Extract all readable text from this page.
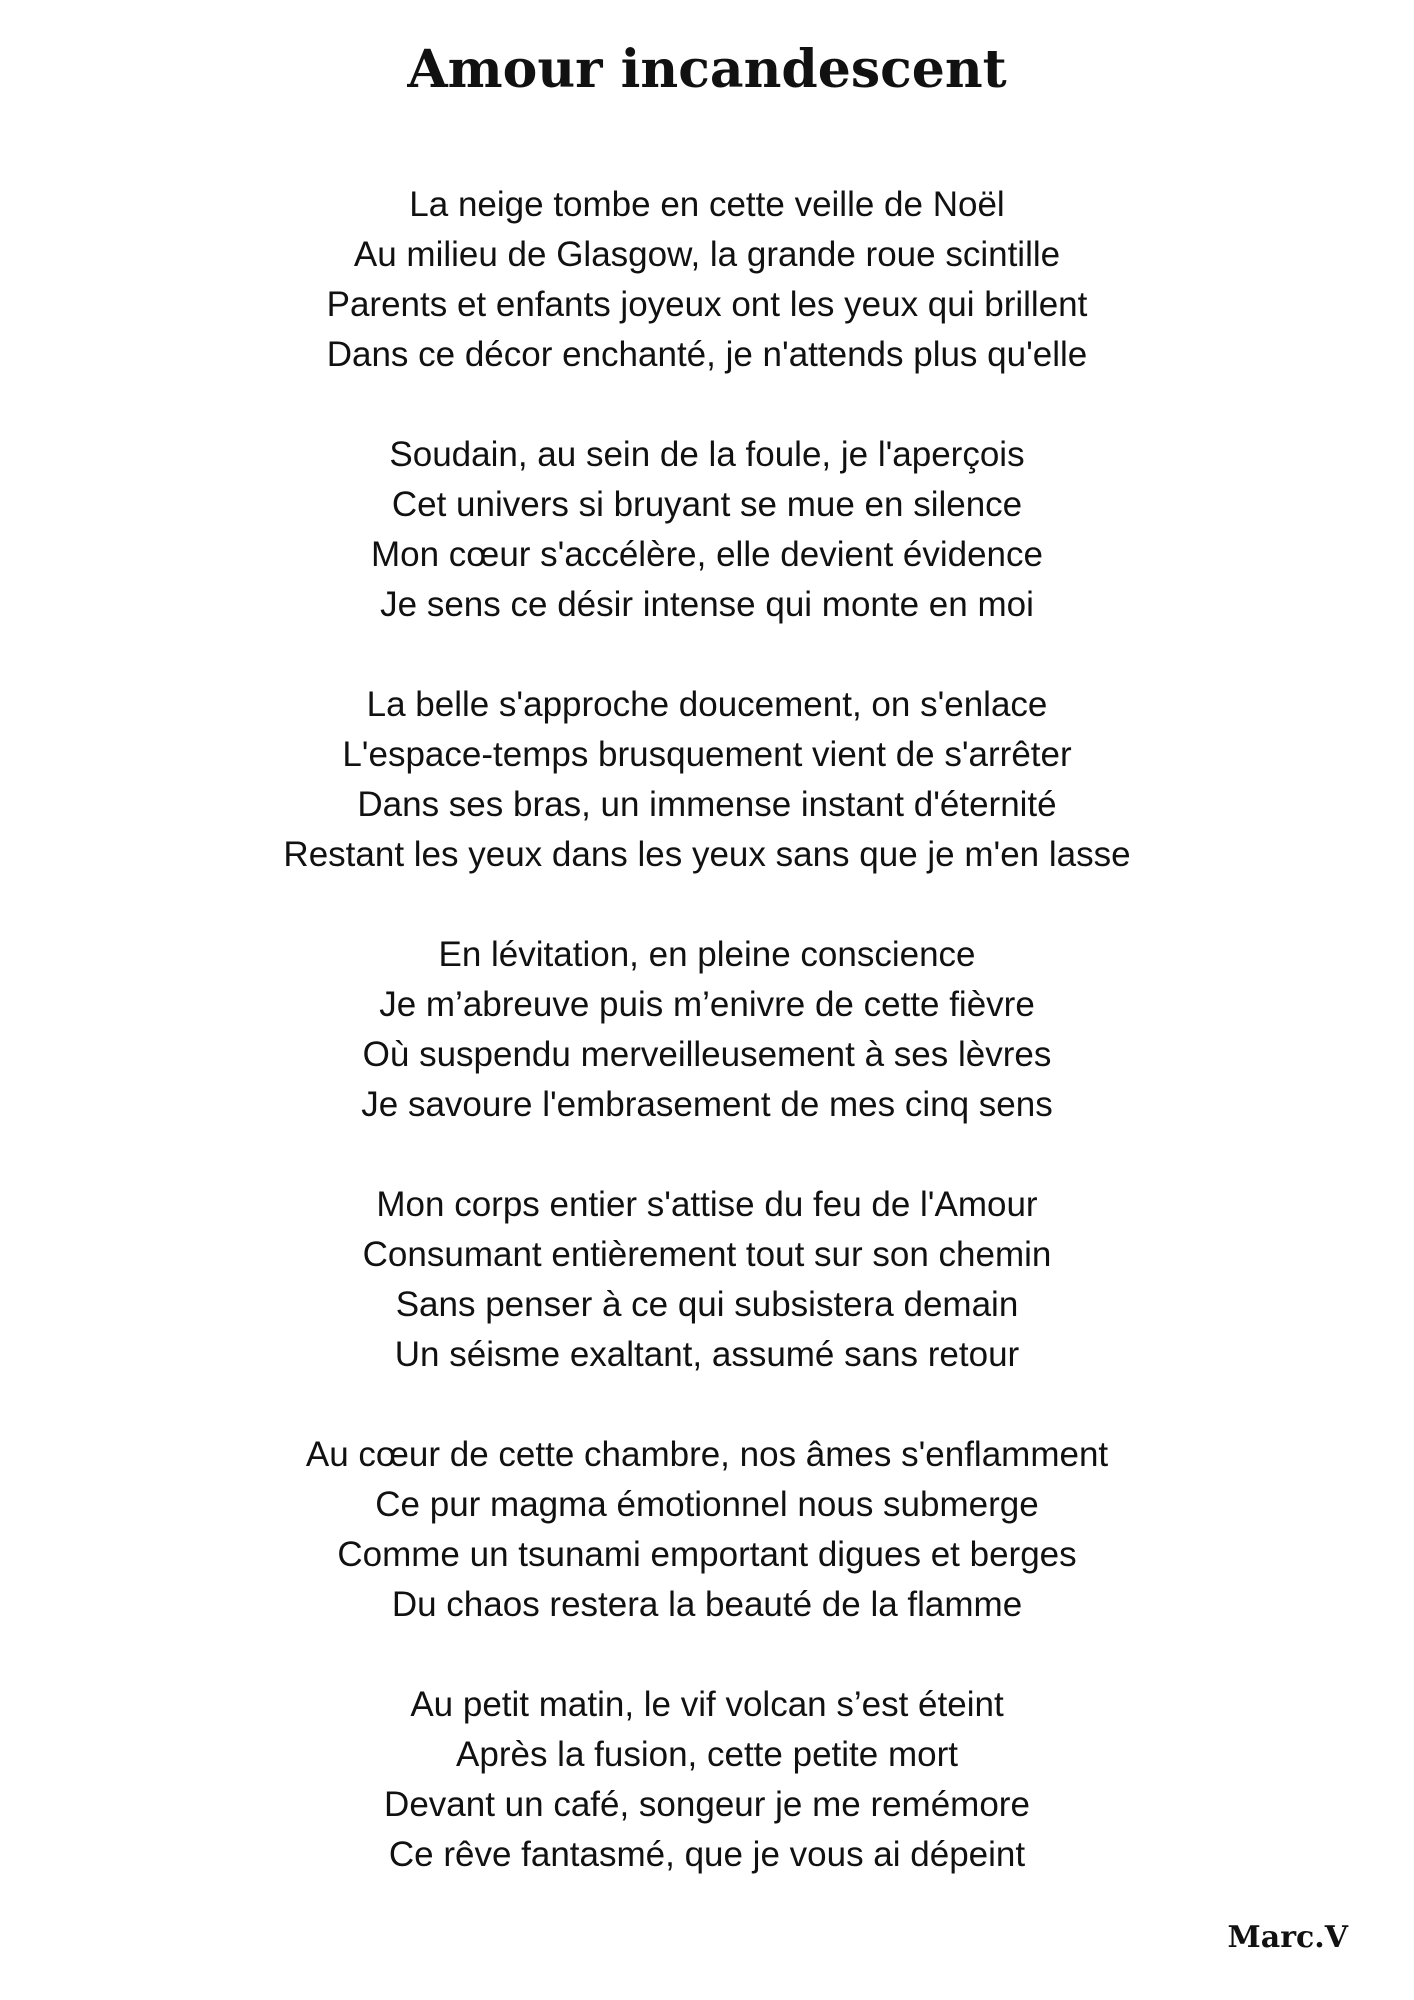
Amour incandescent
La neige tombe en cette veille de Noël
Au milieu de Glasgow, la grande roue scintille
Parents et enfants joyeux ont les yeux qui brillent
Dans ce décor enchanté, je n'attends plus qu'elle
Soudain, au sein de la foule, je l'aperçois
Cet univers si bruyant se mue en silence
Mon cœur s'accélère, elle devient évidence
Je sens ce désir intense qui monte en moi
La belle s'approche doucement, on s'enlace
L'espace-temps brusquement vient de s'arrêter
Dans ses bras, un immense instant d'éternité
Restant les yeux dans les yeux sans que je m'en lasse
En lévitation, en pleine conscience
Je m’abreuve puis m’enivre de cette fièvre
Où suspendu merveilleusement à ses lèvres
Je savoure l'embrasement de mes cinq sens
Mon corps entier s'attise du feu de l'Amour
Consumant entièrement tout sur son chemin
Sans penser à ce qui subsistera demain
Un séisme exaltant, assumé sans retour
Au cœur de cette chambre, nos âmes s'enflamment
Ce pur magma émotionnel nous submerge
Comme un tsunami emportant digues et berges
Du chaos restera la beauté de la flamme
Au petit matin, le vif volcan s’est éteint
Après la fusion, cette petite mort
Devant un café, songeur je me remémore
Ce rêve fantasmé, que je vous ai dépeint
Marc.V
